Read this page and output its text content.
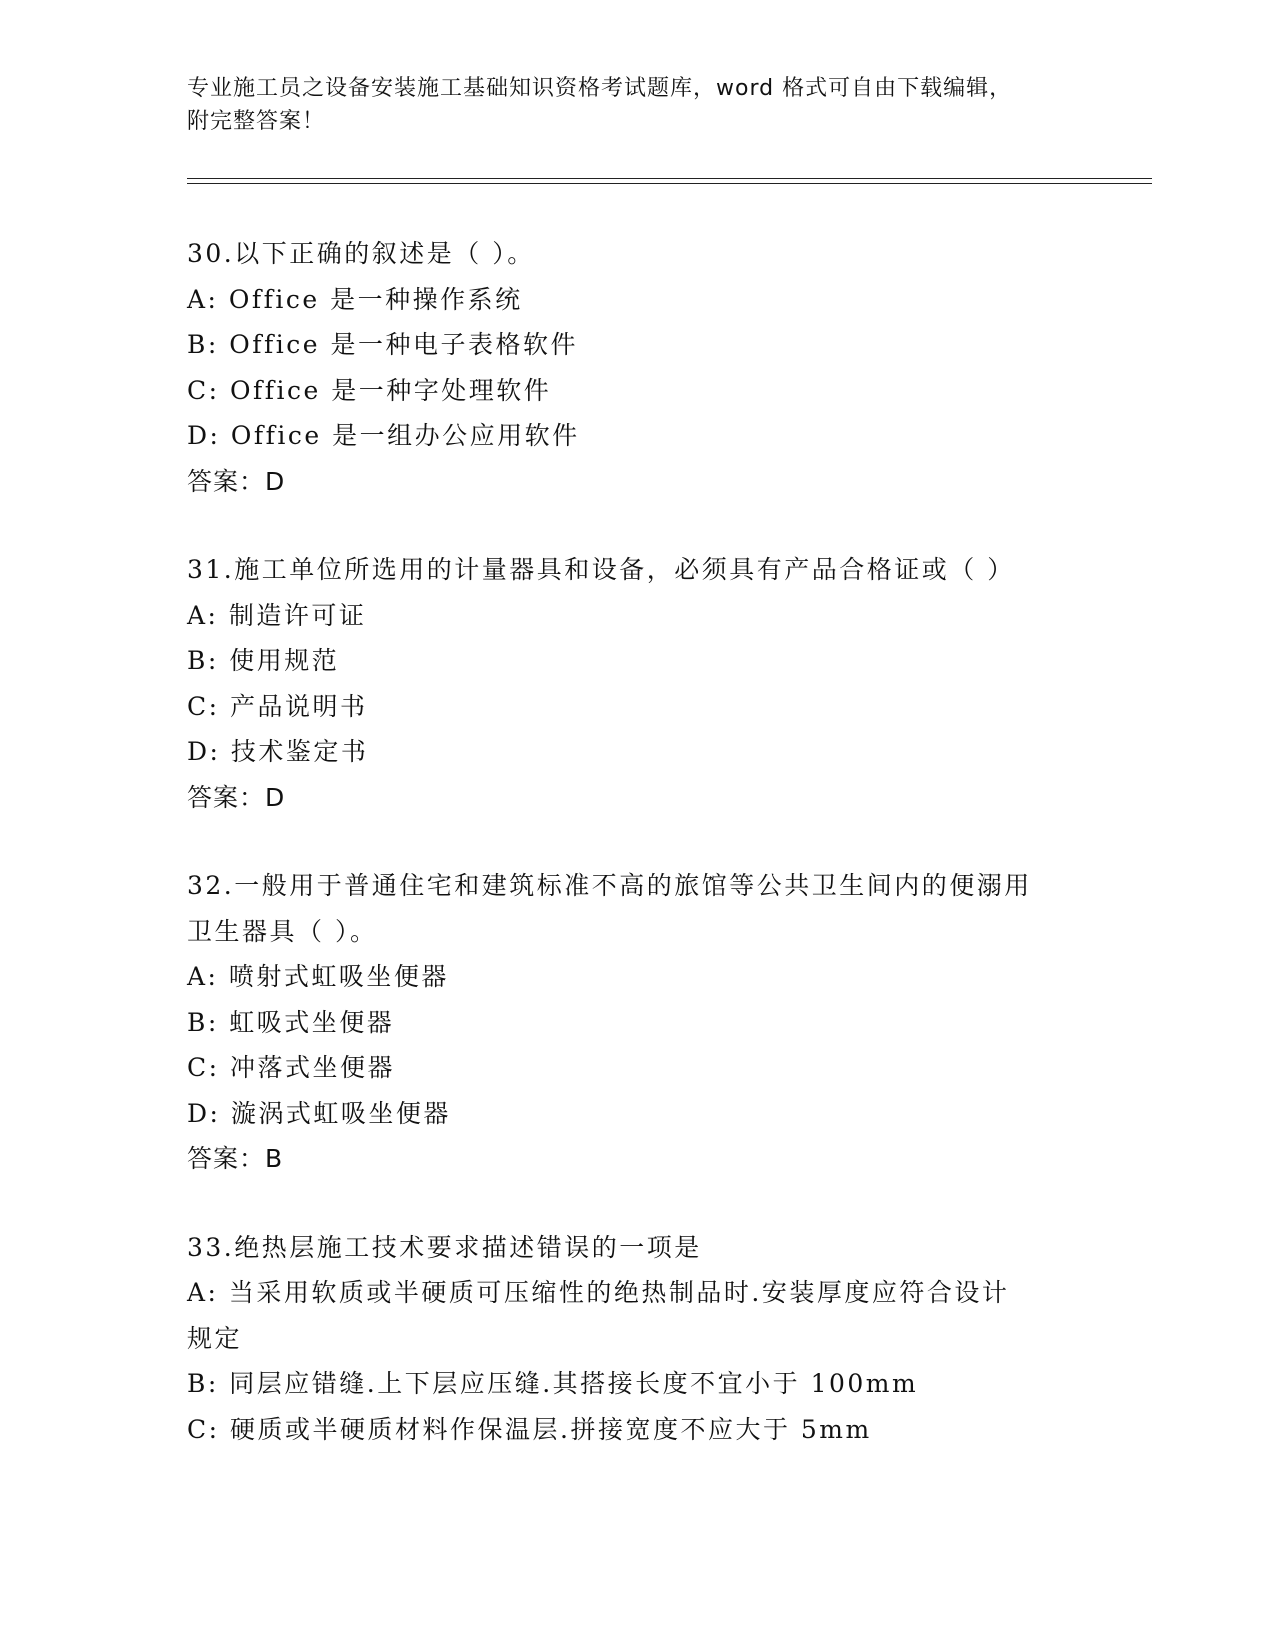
专业施工员之设备安装施工基础知识资格考试题库，word 格式可自由下载编辑，
附完整答案！
30.以下正确的叙述是（ ）。
A: Office 是一种操作系统
B: Office 是一种电子表格软件
C: Office 是一种字处理软件
D: Office 是一组办公应用软件
答案：D
31.施工单位所选用的计量器具和设备，必须具有产品合格证或（ ）
A: 制造许可证
B: 使用规范
C: 产品说明书
D: 技术鉴定书
答案：D
32.一般用于普通住宅和建筑标准不高的旅馆等公共卫生间内的便溺用
卫生器具（ ）。
A: 喷射式虹吸坐便器
B: 虹吸式坐便器
C: 冲落式坐便器
D: 漩涡式虹吸坐便器
答案：B
33.绝热层施工技术要求描述错误的一项是
A: 当采用软质或半硬质可压缩性的绝热制品时.安装厚度应符合设计
规定
B: 同层应错缝.上下层应压缝.其搭接长度不宜小于 100mm
C: 硬质或半硬质材料作保温层.拼接宽度不应大于 5mm
